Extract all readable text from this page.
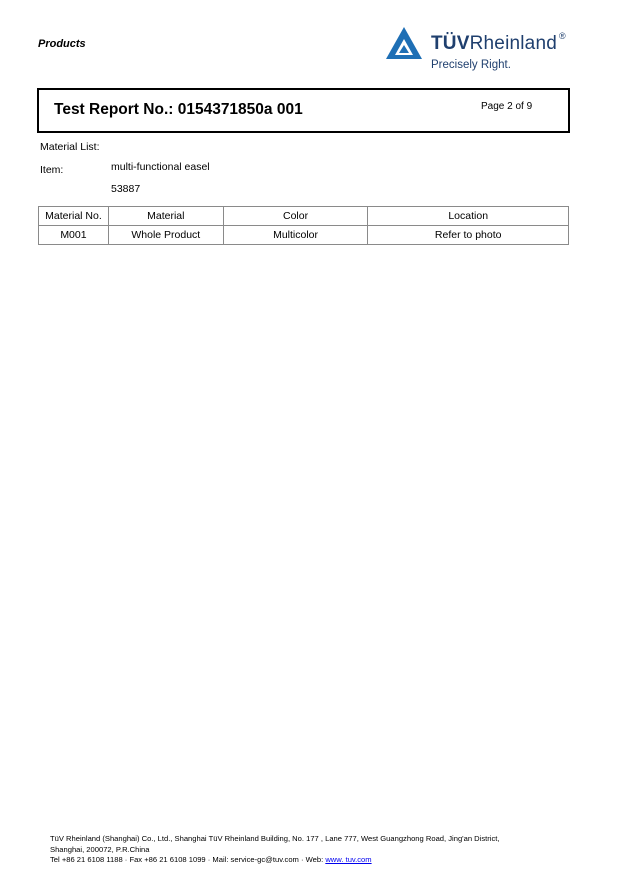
Products	TÜVRheinland ®
Precisely Right.
Test Report No.: 0154371850a 001	Page 2 of 9
Material List:
Item:	multi-functional easel
53887
Material No.	Material	Color	Location
M001	Whole Product	Multicolor	Refer to photo
TüV Rheinland (Shanghai) Co., Ltd., Shanghai TüV Rheinland Building, No. 177 , Lane 777, West Guangzhong Road, Jing'an District,
Shanghai, 200072, P.R.China
Tel +86 21 6108 1188 · Fax +86 21 6108 1099 · Mail: service-gc@tuv.com · Web: www. tuv.com
